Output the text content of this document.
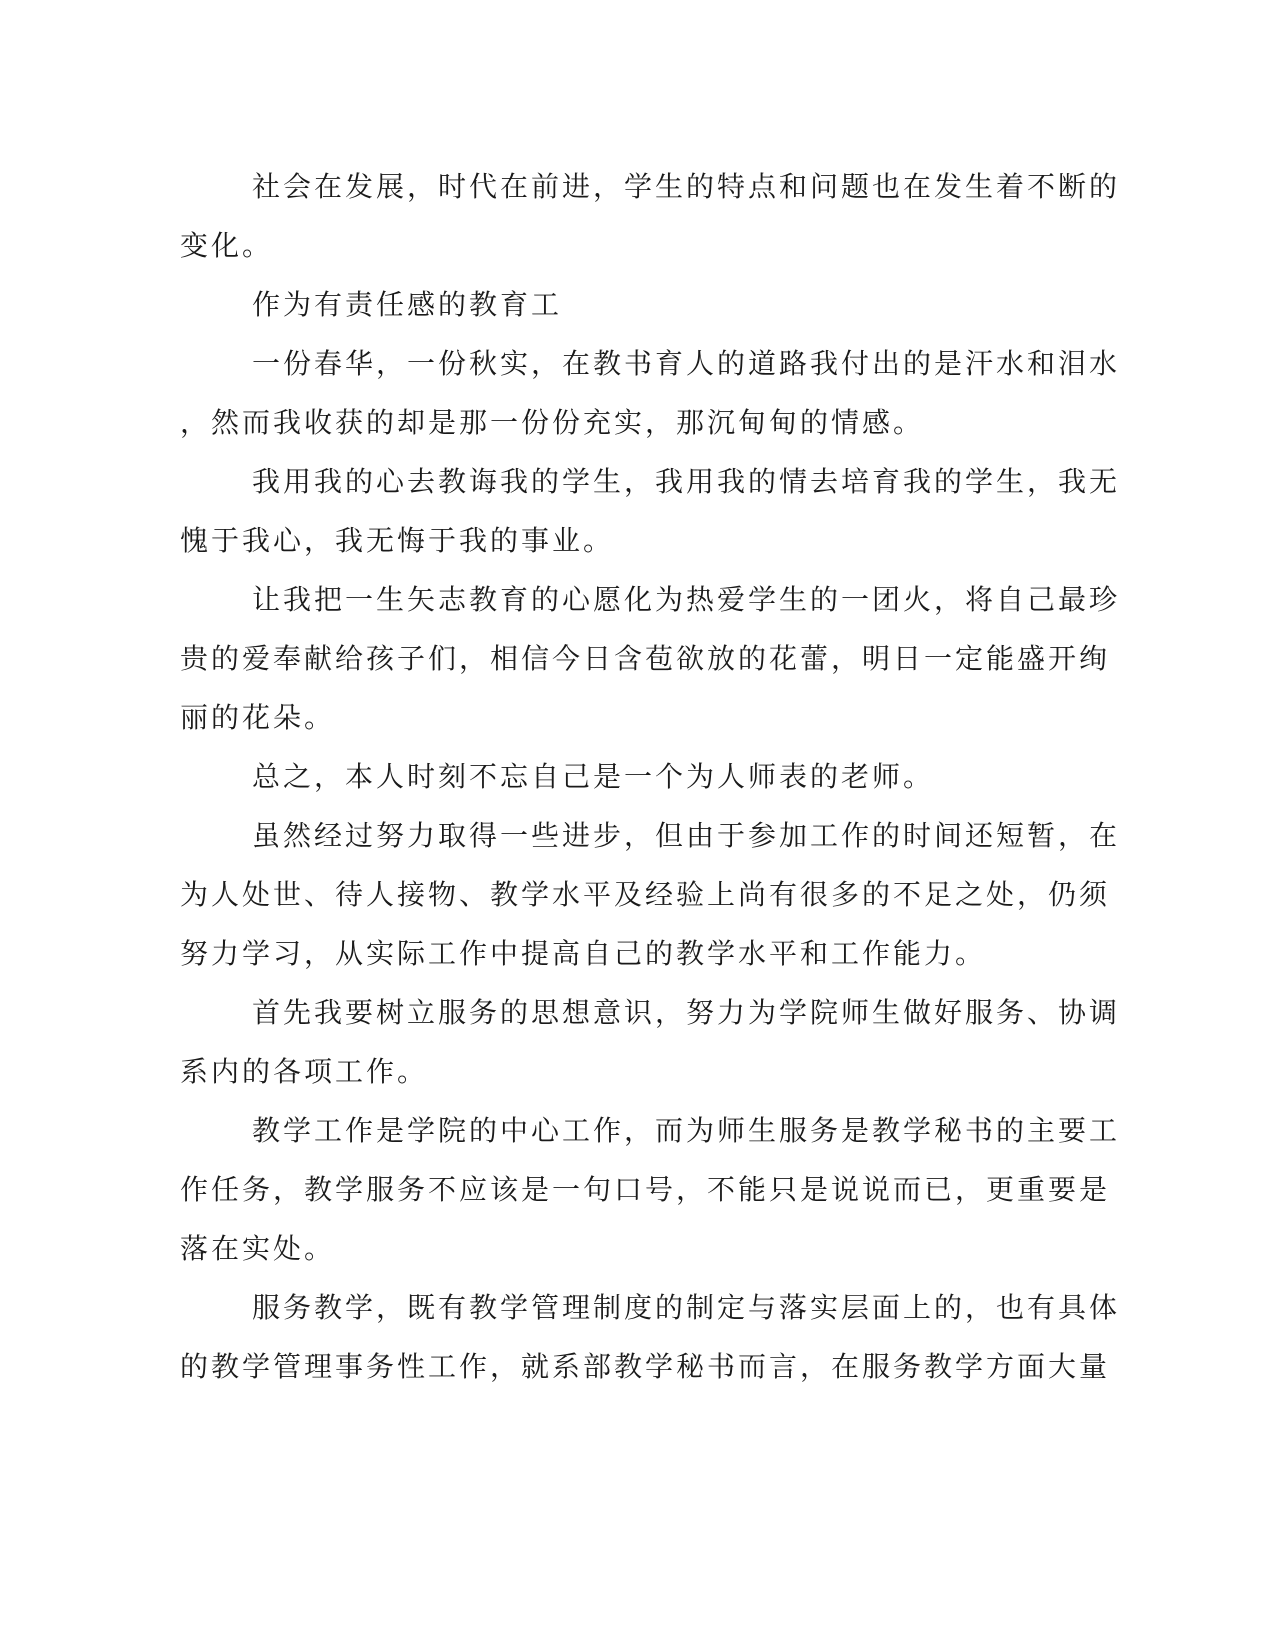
社会在发展，时代在前进，学生的特点和问题也在发生着不断的
变化。
作为有责任感的教育工
一份春华，一份秋实，在教书育人的道路我付出的是汗水和泪水
，然而我收获的却是那一份份充实，那沉甸甸的情感。
我用我的心去教诲我的学生，我用我的情去培育我的学生，我无
愧于我心，我无悔于我的事业。
让我把一生矢志教育的心愿化为热爱学生的一团火，将自己最珍
贵的爱奉献给孩子们，相信今日含苞欲放的花蕾，明日一定能盛开绚
丽的花朵。
总之，本人时刻不忘自己是一个为人师表的老师。
虽然经过努力取得一些进步，但由于参加工作的时间还短暂，在
为人处世、待人接物、教学水平及经验上尚有很多的不足之处，仍须
努力学习，从实际工作中提高自己的教学水平和工作能力。
首先我要树立服务的思想意识，努力为学院师生做好服务、协调
系内的各项工作。
教学工作是学院的中心工作，而为师生服务是教学秘书的主要工
作任务，教学服务不应该是一句口号，不能只是说说而已，更重要是
落在实处。
服务教学，既有教学管理制度的制定与落实层面上的，也有具体
的教学管理事务性工作，就系部教学秘书而言，在服务教学方面大量
